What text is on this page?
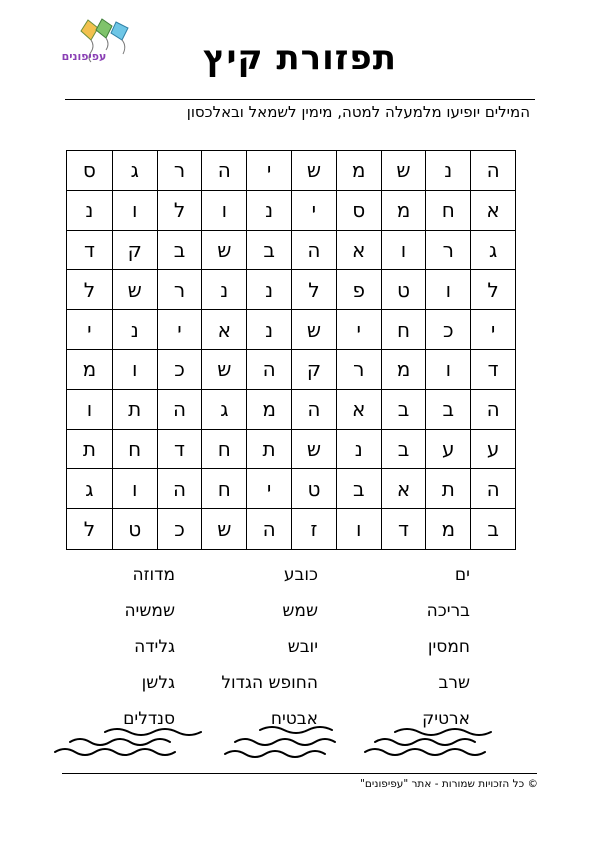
עפיפונים	תפזורת קיץ
המילים יופיעו מלמעלה למטה, מימין לשמאל ובאלכסון
ה
נ
ש
מ
ש
י
ה
ר
ג
ס
א
ח
מ
ס
י
נ
ו
ל
ו
נ
ג
ר
ו
א
ה
ב
ש
ב
ק
ד
ל
ו
ט
פ
ל
נ
נ
ר
ש
ל
י
כ
ח
י
ש
נ
א
י
נ
י
ד
ו
מ
ר
ק
ה
ש
כ
ו
מ
ה
ב
ב
א
ה
מ
ג
ה
ת
ו
ע
ע
ב
נ
ש
ת
ח
ד
ח
ת
ה
ת
א
ב
ט
י
ח
ה
ו
ג
ב
מ
ד
ו
ז
ה
ש
כ
ט
ל
ים
כובע
מדוזה
בריכה
שמש
שמשיה
חמסין
יובש
גלידה
שרב
החופש הגדול
גלשן
ארטיק
אבטיח
סנדלים
© כל הזכויות שמורות - אתר "עפיפונים"
